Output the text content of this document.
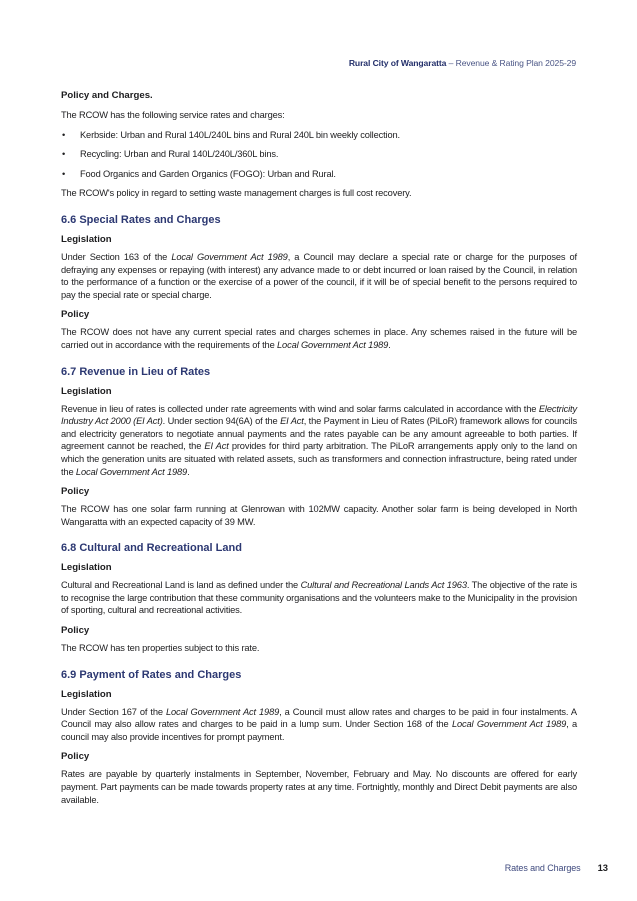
Rural City of Wangaratta – Revenue & Rating Plan 2025-29
Policy and Charges.

The RCOW has the following service rates and charges:

• Kerbside: Urban and Rural 140L/240L bins and Rural 240L bin weekly collection.
• Recycling: Urban and Rural 140L/240L/360L bins.
• Food Organics and Garden Organics (FOGO): Urban and Rural.

The RCOW's policy in regard to setting waste management charges is full cost recovery.

6.6 Special Rates and Charges
Legislation

Under Section 163 of the Local Government Act 1989, a Council may declare a special rate or charge for the purposes of defraying any expenses or repaying (with interest) any advance made to or debt incurred or loan raised by the Council, in relation to the performance of a function or the exercise of a power of the council, if it will be of special benefit to the persons required to pay the special rate or special charge.

Policy

The RCOW does not have any current special rates and charges schemes in place. Any schemes raised in the future will be carried out in accordance with the requirements of the Local Government Act 1989.

6.7 Revenue in Lieu of Rates
Legislation

Revenue in lieu of rates is collected under rate agreements with wind and solar farms calculated in accordance with the Electricity Industry Act 2000 (EI Act). Under section 94(6A) of the EI Act, the Payment in Lieu of Rates (PiLoR) framework allows for councils and electricity generators to negotiate annual payments and the rates payable can be any amount agreeable to both parties. If agreement cannot be reached, the EI Act provides for third party arbitration. The PiLoR arrangements apply only to the land on which the generation units are situated with related assets, such as transformers and connection infrastructure, being rated under the Local Government Act 1989.

Policy

The RCOW has one solar farm running at Glenrowan with 102MW capacity. Another solar farm is being developed in North Wangaratta with an expected capacity of 39 MW.

6.8 Cultural and Recreational Land
Legislation

Cultural and Recreational Land is land as defined under the Cultural and Recreational Lands Act 1963. The objective of the rate is to recognise the large contribution that these community organisations and the volunteers make to the Municipality in the provision of sporting, cultural and recreational activities.

Policy

The RCOW has ten properties subject to this rate.

6.9 Payment of Rates and Charges
Legislation

Under Section 167 of the Local Government Act 1989, a Council must allow rates and charges to be paid in four instalments. A Council may also allow rates and charges to be paid in a lump sum. Under Section 168 of the Local Government Act 1989, a council may also provide incentives for prompt payment.

Policy

Rates are payable by quarterly instalments in September, November, February and May. No discounts are offered for early payment. Part payments can be made towards property rates at any time. Fortnightly, monthly and Direct Debit payments are also available.

Rates and Charges 13
